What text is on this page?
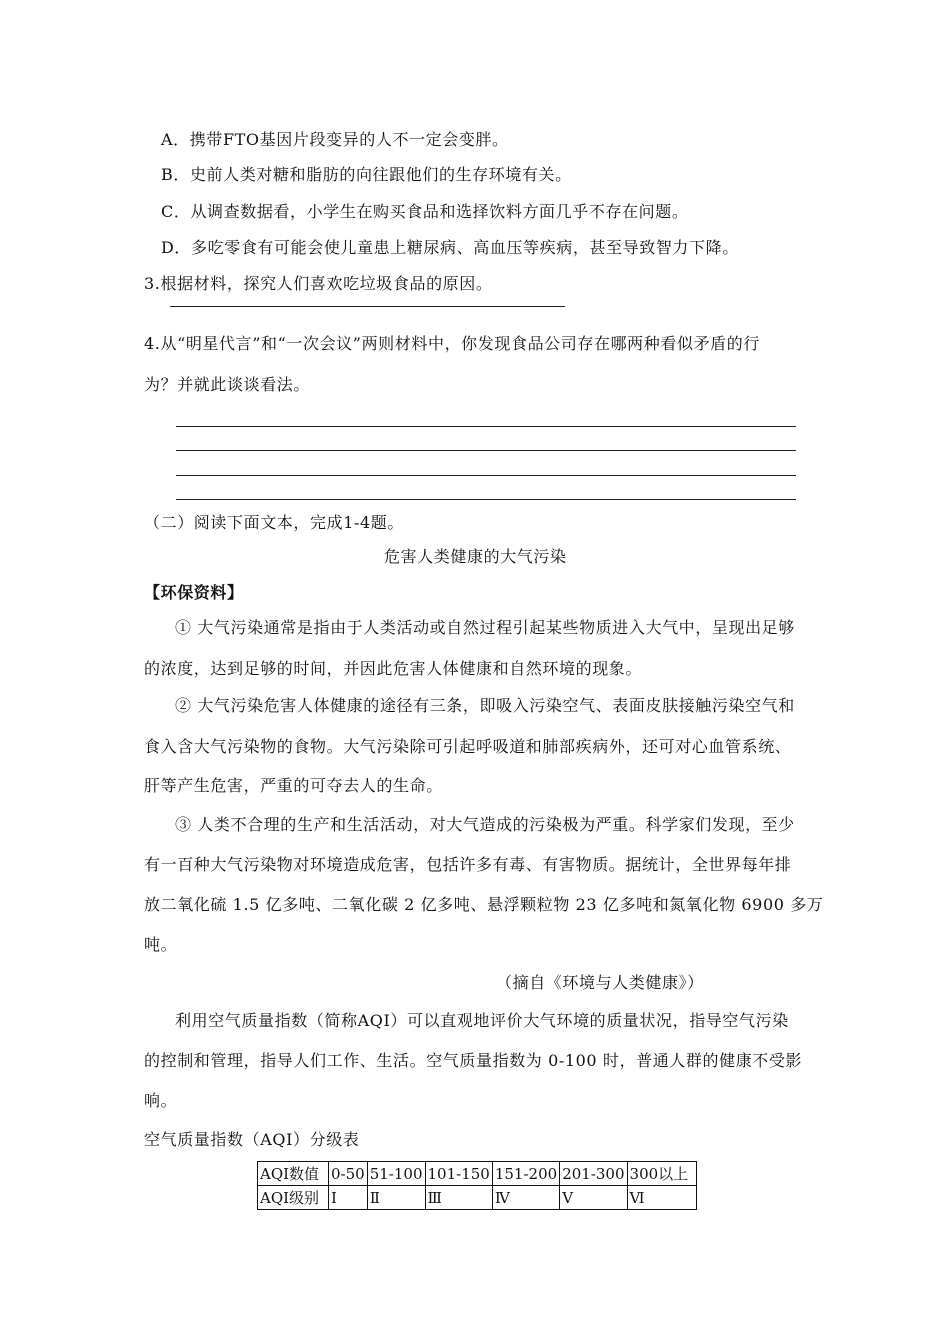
A．携带FTO基因片段变异的人不一定会变胖。
B．史前人类对糖和脂肪的向往跟他们的生存环境有关。
C．从调查数据看，小学生在购买食品和选择饮料方面几乎不存在问题。
D．多吃零食有可能会使儿童患上糖尿病、高血压等疾病，甚至导致智力下降。
3.根据材料，探究人们喜欢吃垃圾食品的原因。
4.从“明星代言”和“一次会议”两则材料中，你发现食品公司存在哪两种看似矛盾的行
为？并就此谈谈看法。
（二）阅读下面文本，完成1-4题。
危害人类健康的大气污染
【环保资料】
① 大气污染通常是指由于人类活动或自然过程引起某些物质进入大气中，呈现出足够
的浓度，达到足够的时间，并因此危害人体健康和自然环境的现象。
② 大气污染危害人体健康的途径有三条，即吸入污染空气、表面皮肤接触污染空气和
食入含大气污染物的食物。大气污染除可引起呼吸道和肺部疾病外，还可对心血管系统、
肝等产生危害，严重的可夺去人的生命。
③ 人类不合理的生产和生活活动，对大气造成的污染极为严重。科学家们发现，至少
有一百种大气污染物对环境造成危害，包括许多有毒、有害物质。据统计，全世界每年排
放二氧化硫 1.5 亿多吨、二氧化碳 2 亿多吨、悬浮颗粒物 23 亿多吨和氮氧化物 6900 多万
吨。
（摘自《环境与人类健康》）
利用空气质量指数（简称AQI）可以直观地评价大气环境的质量状况，指导空气污染
的控制和管理，指导人们工作、生活。空气质量指数为 0-100 时，普通人群的健康不受影
响。
空气质量指数（AQI）分级表
AQI数值	0-50	51-100	101-150	151-200	201-300	300以上
AQI级别	Ⅰ	Ⅱ	Ⅲ	Ⅳ	Ⅴ	Ⅵ
